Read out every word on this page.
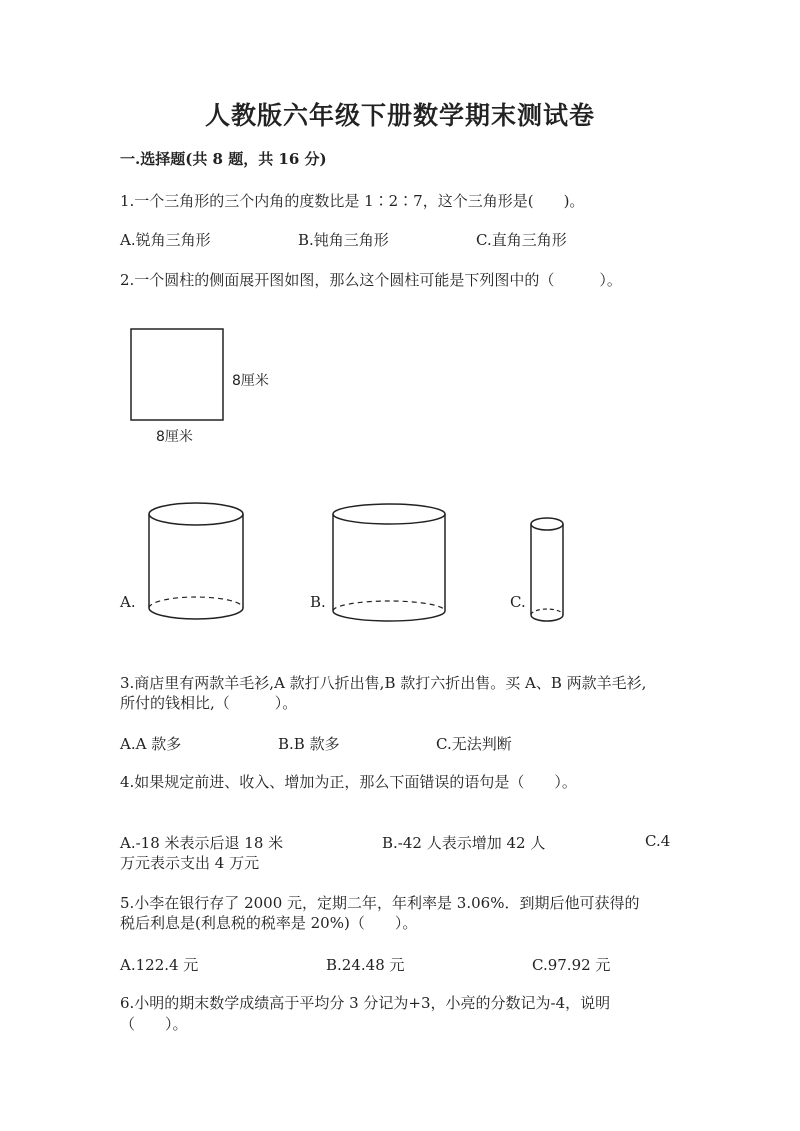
人教版六年级下册数学期末测试卷
一.选择题(共 8 题，共 16 分)
1.一个三角形的三个内角的度数比是 1∶2∶7，这个三角形是(　　)。
A.锐角三角形	B.钝角三角形	C.直角三角形
2.一个圆柱的侧面展开图如图，那么这个圆柱可能是下列图中的（　　　）。
8厘米
8厘米
A.	B.	C.
3.商店里有两款羊毛衫,A 款打八折出售,B 款打六折出售。买 A、B 两款羊毛衫,
所付的钱相比,（　　　）。
A.A 款多	B.B 款多	C.无法判断
4.如果规定前进、收入、增加为正，那么下面错误的语句是（　　）。
A.-18 米表示后退 18 米	B.-42 人表示增加 42 人	C.4
万元表示支出 4 万元
5.小李在银行存了 2000 元，定期二年，年利率是 3.06%．到期后他可获得的
税后利息是(利息税的税率是 20%)（　　）。
A.122.4 元	B.24.48 元	C.97.92 元
6.小明的期末数学成绩高于平均分 3 分记为+3，小亮的分数记为-4，说明
（　　）。
